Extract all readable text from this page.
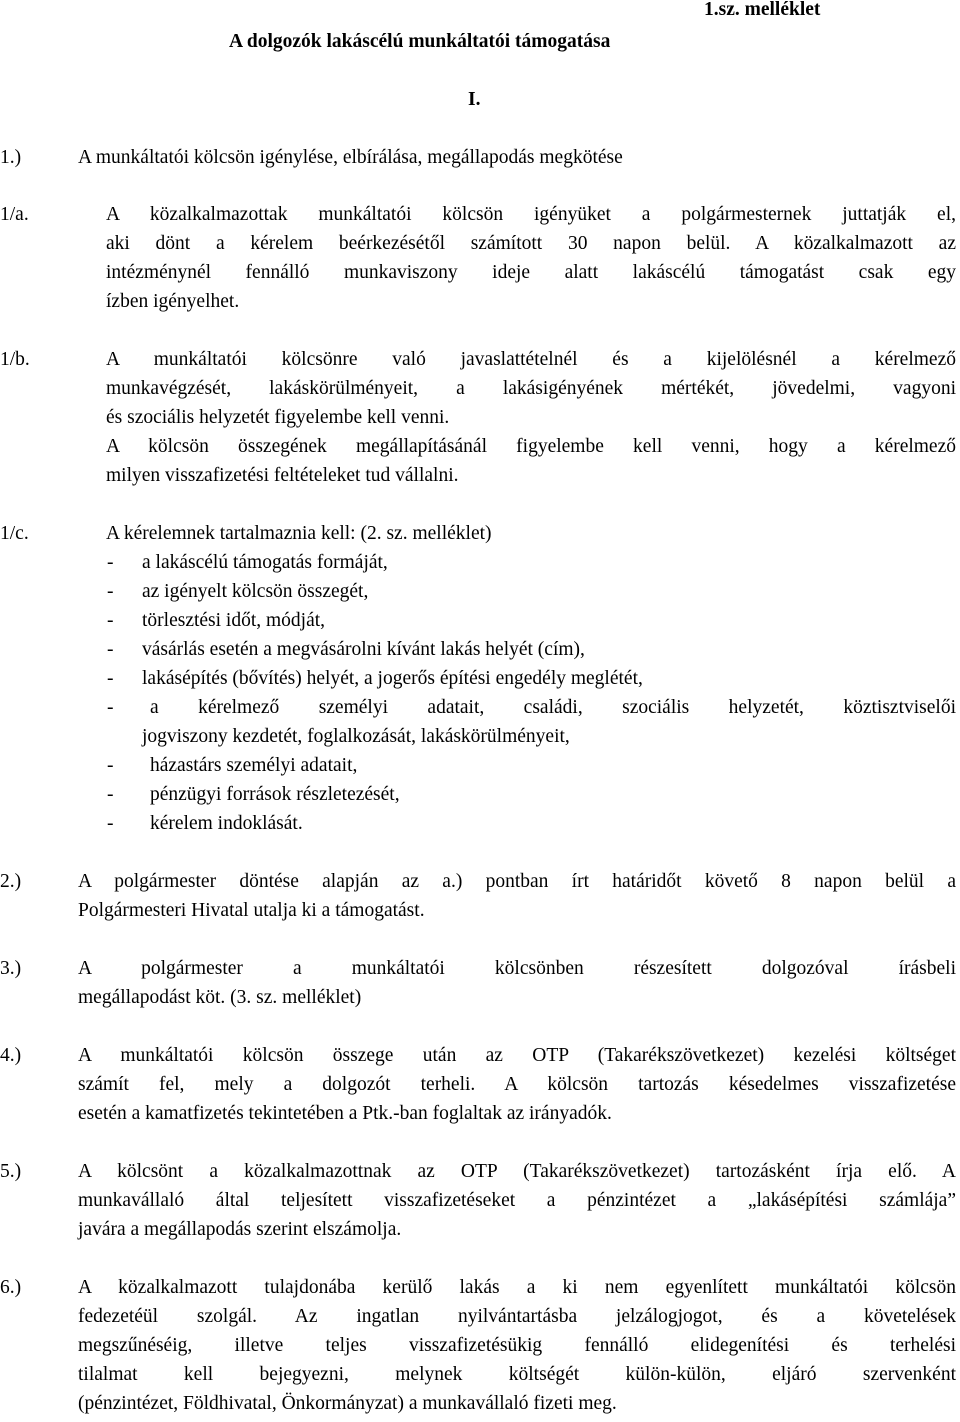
1.sz. melléklet
A dolgozók lakáscélú munkáltatói támogatása
I.
1.)	A munkáltatói kölcsön igénylése, elbírálása, megállapodás megkötése
1/a.	A közalkalmazottak munkáltatói kölcsön igényüket a polgármesternek juttatják el,
aki dönt a kérelem beérkezésétől számított 30 napon belül. A közalkalmazott az
intézménynél fennálló munkaviszony ideje alatt lakáscélú támogatást csak egy
ízben igényelhet.
1/b.	A munkáltatói kölcsönre való javaslattételnél és a kijelölésnél a kérelmező
munkavégzését, lakáskörülményeit, a lakásigényének mértékét, jövedelmi, vagyoni
és szociális helyzetét figyelembe kell venni.
A kölcsön összegének megállapításánál figyelembe kell venni, hogy a kérelmező
milyen visszafizetési feltételeket tud vállalni.
1/c.	A kérelemnek tartalmaznia kell: (2. sz. melléklet)
- a lakáscélú támogatás formáját,
- az igényelt kölcsön összegét,
- törlesztési időt, módját,
- vásárlás esetén a megvásárolni kívánt lakás helyét (cím),
- lakásépítés (bővítés) helyét, a jogerős építési engedély meglétét,
- a kérelmező személyi adatait, családi, szociális helyzetét, köztisztviselői
jogviszony kezdetét, foglalkozását, lakáskörülményeit,
- házastárs személyi adatait,
- pénzügyi források részletezését,
- kérelem indoklását.
2.)	A polgármester döntése alapján az a.) pontban írt határidőt követő 8 napon belül a
Polgármesteri Hivatal utalja ki a támogatást.
3.)	A polgármester a munkáltatói kölcsönben részesített dolgozóval írásbeli
megállapodást köt. (3. sz. melléklet)
4.)	A munkáltatói kölcsön összege után az OTP (Takarékszövetkezet) kezelési költséget
számít fel, mely a dolgozót terheli. A kölcsön tartozás késedelmes visszafizetése
esetén a kamatfizetés tekintetében a Ptk.-ban foglaltak az irányadók.
5.)	A kölcsönt a közalkalmazottnak az OTP (Takarékszövetkezet) tartozásként írja elő. A
munkavállaló által teljesített visszafizetéseket a pénzintézet a „lakásépítési számlája”
javára a megállapodás szerint elszámolja.
6.)	A közalkalmazott tulajdonába kerülő lakás a ki nem egyenlített munkáltatói kölcsön
fedezetéül szolgál. Az ingatlan nyilvántartásba jelzálogjogot, és a követelések
megszűnéséig, illetve teljes visszafizetésükig fennálló elidegenítési és terhelési
tilalmat kell bejegyezni, melynek költségét külön-külön, eljáró szervenként
(pénzintézet, Földhivatal, Önkormányzat) a munkavállaló fizeti meg.
